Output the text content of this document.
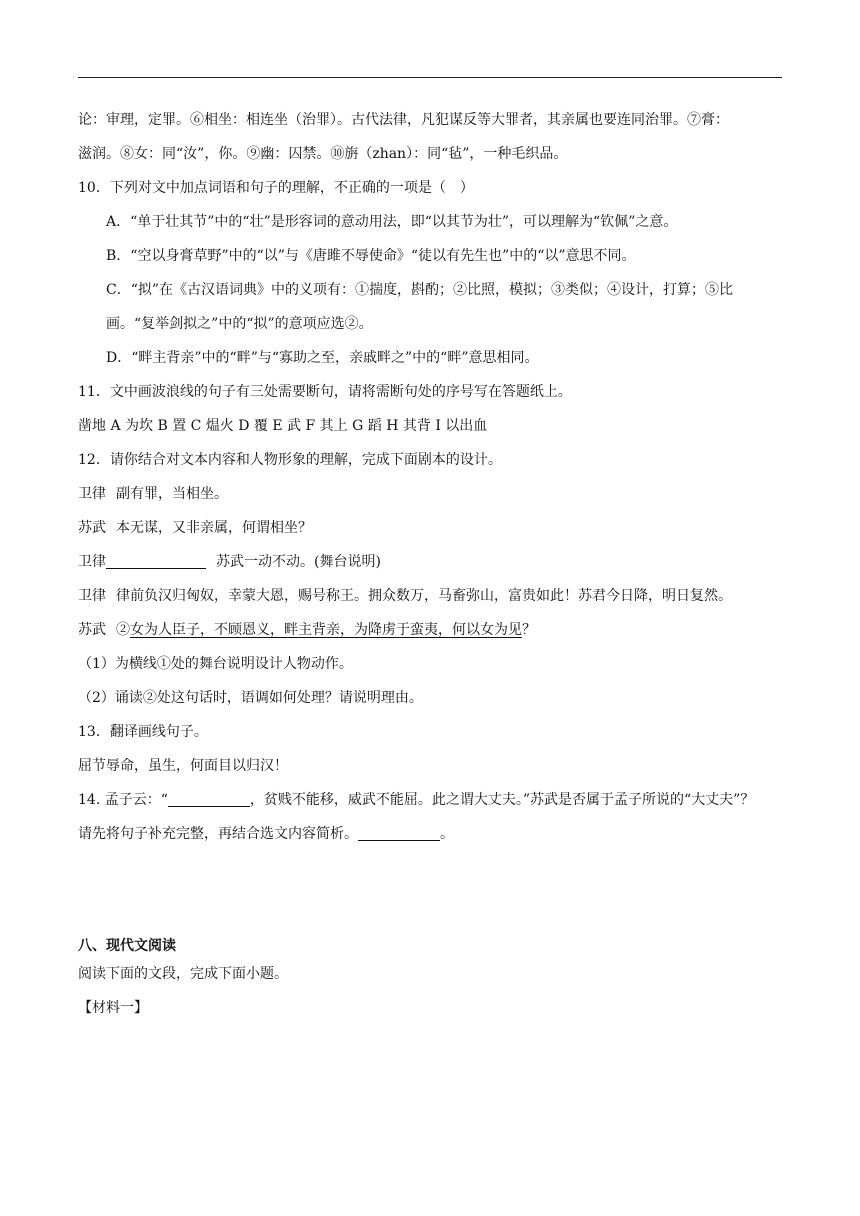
论：审理，定罪。⑥相坐：相连坐（治罪）。古代法律，凡犯谋反等大罪者，其亲属也要连同治罪。⑦膏：
滋润。⑧女：同“汝”，你。⑨幽：囚禁。⑩旃（zhan）：同“毡”，一种毛织品。
10．下列对文中加点词语和句子的理解，不正确的一项是（　）
A．“单于壮其节”中的“壮”是形容词的意动用法，即“以其节为壮”，可以理解为“钦佩”之意。
B．“空以身膏草野”中的“以”与《唐雎不辱使命》“徒以有先生也”中的“以”意思不同。
C．“拟”在《古汉语词典》中的义项有：①揣度，斟酌；②比照，模拟；③类似；④设计，打算；⑤比
画。“复举剑拟之”中的“拟”的意项应选②。
D．“畔主背亲”中的“畔”与“寡助之至，亲戚畔之”中的“畔”意思相同。
11．文中画波浪线的句子有三处需要断句，请将需断句处的序号写在答题纸上。
凿地 A 为坎 B 置 C 煴火 D 覆 E 武 F 其上 G 蹈 H 其背 I 以出血
12．请你结合对文本内容和人物形象的理解，完成下面剧本的设计。
卫律 副有罪，当相坐。
苏武 本无谋，又非亲属，何谓相坐？
卫律	苏武一动不动。(舞台说明)
卫律 律前负汉归匈奴，幸蒙大恩，赐号称王。拥众数万，马畜弥山，富贵如此！苏君今日降，明日复然。
苏武 ②女为人臣子，不顾恩义，畔主背亲，为降虏于蛮夷，何以女为见？
（1）为横线①处的舞台说明设计人物动作。
（2）诵读②处这句话时，语调如何处理？请说明理由。
13．翻译画线句子。
屈节辱命，虽生，何面目以归汉！
14. 孟子云：“	，贫贱不能移，威武不能屈。此之谓大丈夫。”苏武是否属于孟子所说的“大丈夫”？
请先将句子补充完整，再结合选文内容简析。	。
八、现代文阅读
阅读下面的文段，完成下面小题。
【材料一】
